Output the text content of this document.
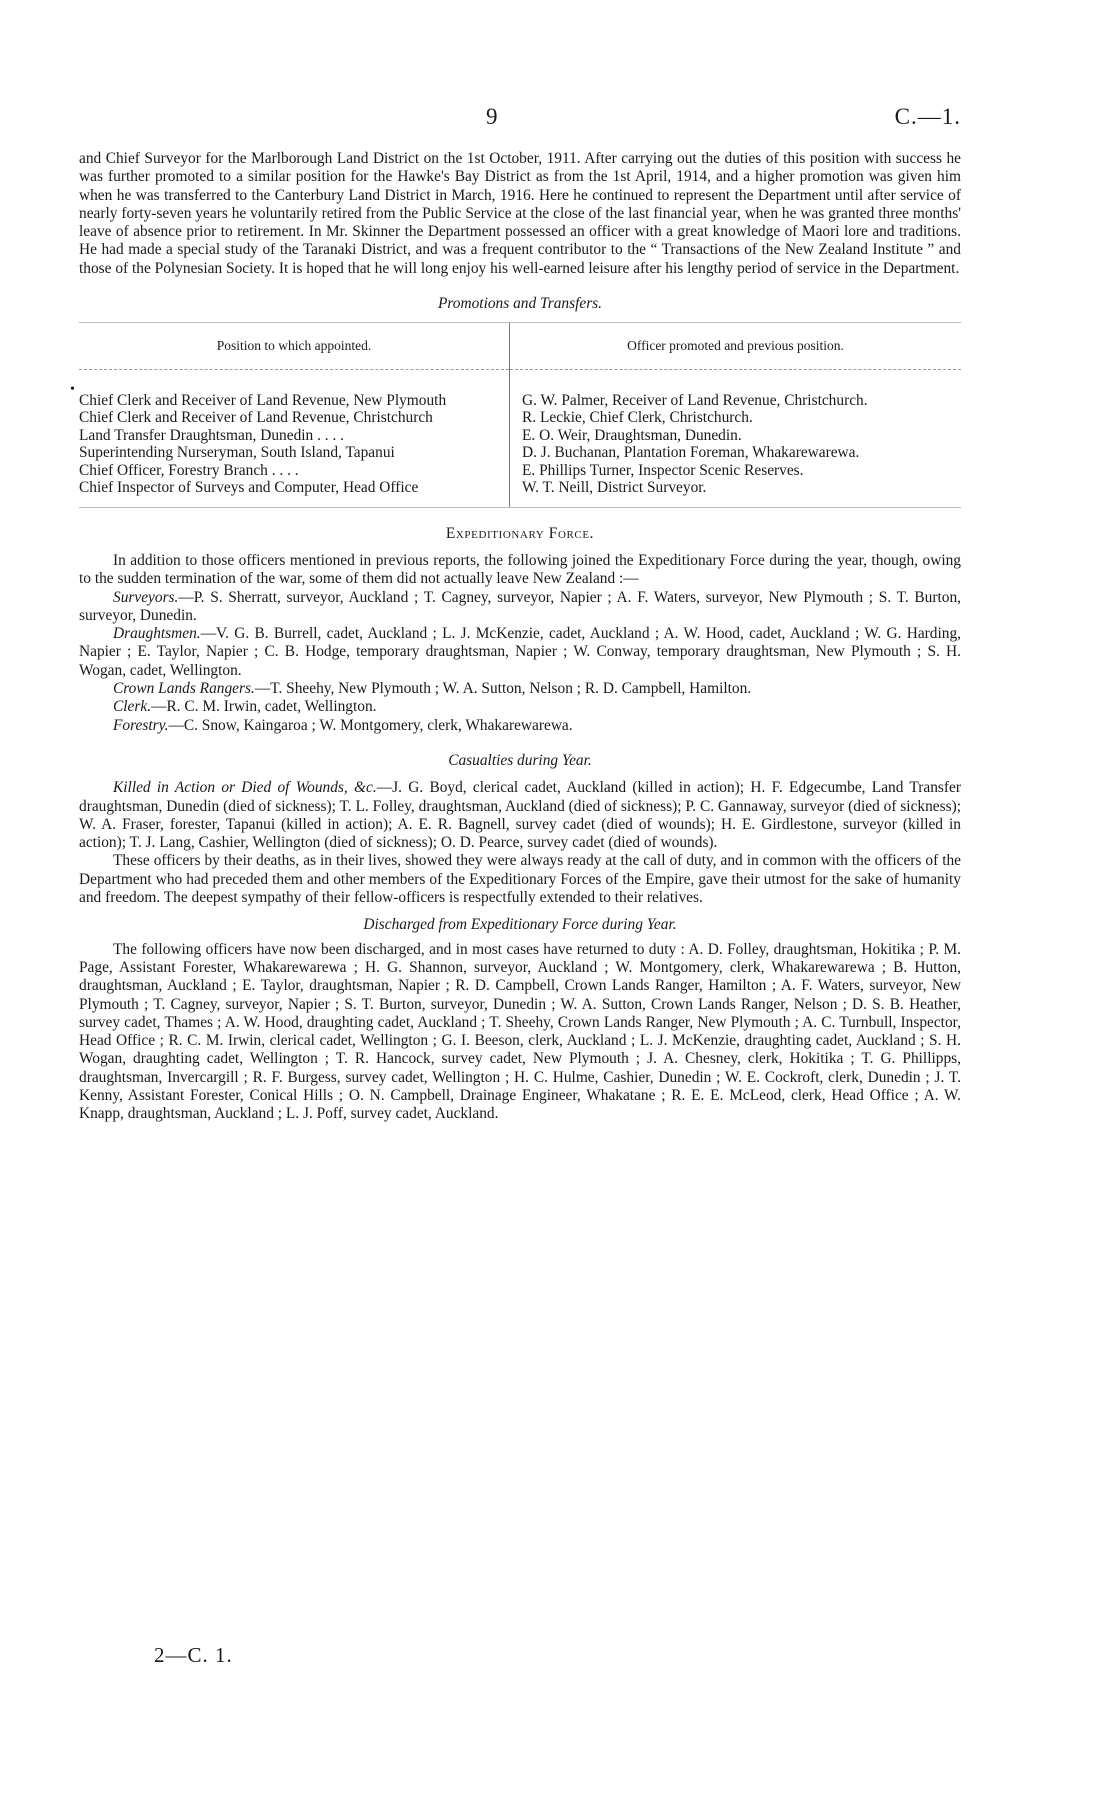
9	C.—1.
•

and Chief Surveyor for the Marlborough Land District on the 1st October, 1911. After carrying out the duties of this position with success he was further promoted to a similar position for the Hawke's Bay District as from the 1st April, 1914, and a higher promotion was given him when he was transferred to the Canterbury Land District in March, 1916. Here he continued to represent the Department until after service of nearly forty-seven years he voluntarily retired from the Public Service at the close of the last financial year, when he was granted three months' leave of absence prior to retirement. In Mr. Skinner the Department possessed an officer with a great knowledge of Maori lore and traditions. He had made a special study of the Taranaki District, and was a frequent contributor to the “ Transactions of the New Zealand Institute ” and those of the Polynesian Society. It is hoped that he will long enjoy his well-earned leisure after his lengthy period of service in the Department.

Promotions and Transfers.
Position to which appointed.	Officer promoted and previous position.
Chief Clerk and Receiver of Land Revenue, New Plymouth	G. W. Palmer, Receiver of Land Revenue, Christchurch.
Chief Clerk and Receiver of Land Revenue, Christchurch	R. Leckie, Chief Clerk, Christchurch.
Land Transfer Draughtsman, Dunedin . . . .	E. O. Weir, Draughtsman, Dunedin.
Superintending Nurseryman, South Island, Tapanui	D. J. Buchanan, Plantation Foreman, Whakarewarewa.
Chief Officer, Forestry Branch . . . .	E. Phillips Turner, Inspector Scenic Reserves.
Chief Inspector of Surveys and Computer, Head Office	W. T. Neill, District Surveyor.
Expeditionary Force.

In addition to those officers mentioned in previous reports, the following joined the Expeditionary Force during the year, though, owing to the sudden termination of the war, some of them did not actually leave New Zealand :—

Surveyors.—P. S. Sherratt, surveyor, Auckland ; T. Cagney, surveyor, Napier ; A. F. Waters, surveyor, New Plymouth ; S. T. Burton, surveyor, Dunedin.

Draughtsmen.—V. G. B. Burrell, cadet, Auckland ; L. J. McKenzie, cadet, Auckland ; A. W. Hood, cadet, Auckland ; W. G. Harding, Napier ; E. Taylor, Napier ; C. B. Hodge, temporary draughtsman, Napier ; W. Conway, temporary draughtsman, New Plymouth ; S. H. Wogan, cadet, Wellington.

Crown Lands Rangers.—T. Sheehy, New Plymouth ; W. A. Sutton, Nelson ; R. D. Campbell, Hamilton.

Clerk.—R. C. M. Irwin, cadet, Wellington.

Forestry.—C. Snow, Kaingaroa ; W. Montgomery, clerk, Whakarewarewa.

Casualties during Year.

Killed in Action or Died of Wounds, &c.—J. G. Boyd, clerical cadet, Auckland (killed in action); H. F. Edgecumbe, Land Transfer draughtsman, Dunedin (died of sickness); T. L. Folley, draughtsman, Auckland (died of sickness); P. C. Gannaway, surveyor (died of sickness); W. A. Fraser, forester, Tapanui (killed in action); A. E. R. Bagnell, survey cadet (died of wounds); H. E. Girdlestone, surveyor (killed in action); T. J. Lang, Cashier, Wellington (died of sickness); O. D. Pearce, survey cadet (died of wounds).

These officers by their deaths, as in their lives, showed they were always ready at the call of duty, and in common with the officers of the Department who had preceded them and other members of the Expeditionary Forces of the Empire, gave their utmost for the sake of humanity and freedom. The deepest sympathy of their fellow-officers is respectfully extended to their relatives.

Discharged from Expeditionary Force during Year.

The following officers have now been discharged, and in most cases have returned to duty : A. D. Folley, draughtsman, Hokitika ; P. M. Page, Assistant Forester, Whakarewarewa ; H. G. Shannon, surveyor, Auckland ; W. Montgomery, clerk, Whakarewarewa ; B. Hutton, draughtsman, Auckland ; E. Taylor, draughtsman, Napier ; R. D. Campbell, Crown Lands Ranger, Hamilton ; A. F. Waters, surveyor, New Plymouth ; T. Cagney, surveyor, Napier ; S. T. Burton, surveyor, Dunedin ; W. A. Sutton, Crown Lands Ranger, Nelson ; D. S. B. Heather, survey cadet, Thames ; A. W. Hood, draughting cadet, Auckland ; T. Sheehy, Crown Lands Ranger, New Plymouth ; A. C. Turnbull, Inspector, Head Office ; R. C. M. Irwin, clerical cadet, Wellington ; G. I. Beeson, clerk, Auckland ; L. J. McKenzie, draughting cadet, Auckland ; S. H. Wogan, draughting cadet, Wellington ; T. R. Hancock, survey cadet, New Plymouth ; J. A. Chesney, clerk, Hokitika ; T. G. Phillipps, draughtsman, Invercargill ; R. F. Burgess, survey cadet, Wellington ; H. C. Hulme, Cashier, Dunedin ; W. E. Cockroft, clerk, Dunedin ; J. T. Kenny, Assistant Forester, Conical Hills ; O. N. Campbell, Drainage Engineer, Whakatane ; R. E. E. McLeod, clerk, Head Office ; A. W. Knapp, draughtsman, Auckland ; L. J. Poff, survey cadet, Auckland.

2—C. 1.
